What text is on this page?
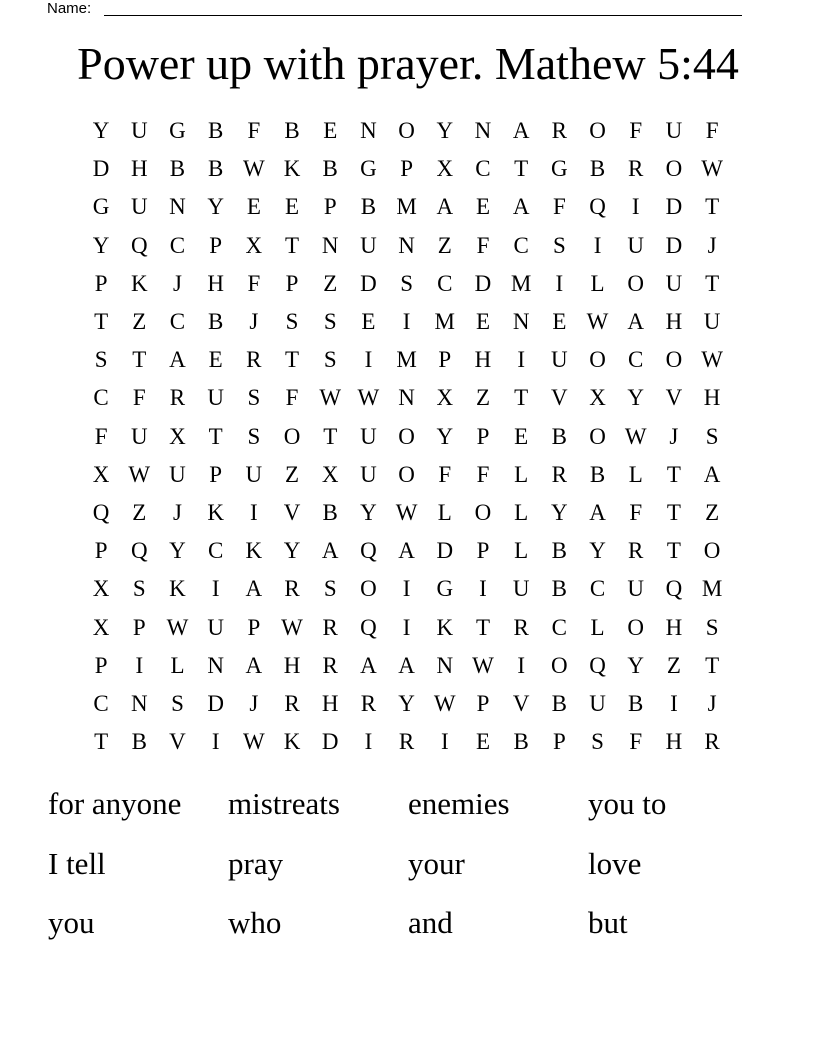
Name:
Power up with prayer. Mathew 5:44
Y U G B	F	B	E N O Y N A R O	F	U	F
D H B B W K B G	P	X C	T G B R O W
G U N Y E	E	P	B M A E A	F	Q	I	D T
Y Q C	P	X T N U N Z	F	C	S	I	U D	J
P	K	J	H	F	P	Z D	S	C D M	I	L O U T
T	Z	C B	J	S	S	E	I	M E N E W A H U
S	T A E	R	T	S	I	M P	H	I	U O C O W
C	F	R U	S	F W W N X Z	T V X Y V H
F	U X T	S	O T U O Y	P	E	B O W J	S
X W U	P	U Z X U O	F	F	L	R B	L	T A
Q Z	J	K	I	V B Y W L O L Y A	F	T	Z
P	Q Y C K Y A Q A D	P	L	B Y R	T O
X	S	K	I	A R	S	O	I	G	I	U B C U Q M
X	P W U	P W R Q	I	K T	R C	L O H	S
P	I	L N A H R A A N W	I	O Q Y Z	T
C N	S	D	J	R H R Y W P	V B U B	I	J
T	B V	I	W K D	I	R	I	E	B	P	S	F	H R
for anyone	mistreats	enemies	you to
I tell	pray	your	love
you	who	and	but
